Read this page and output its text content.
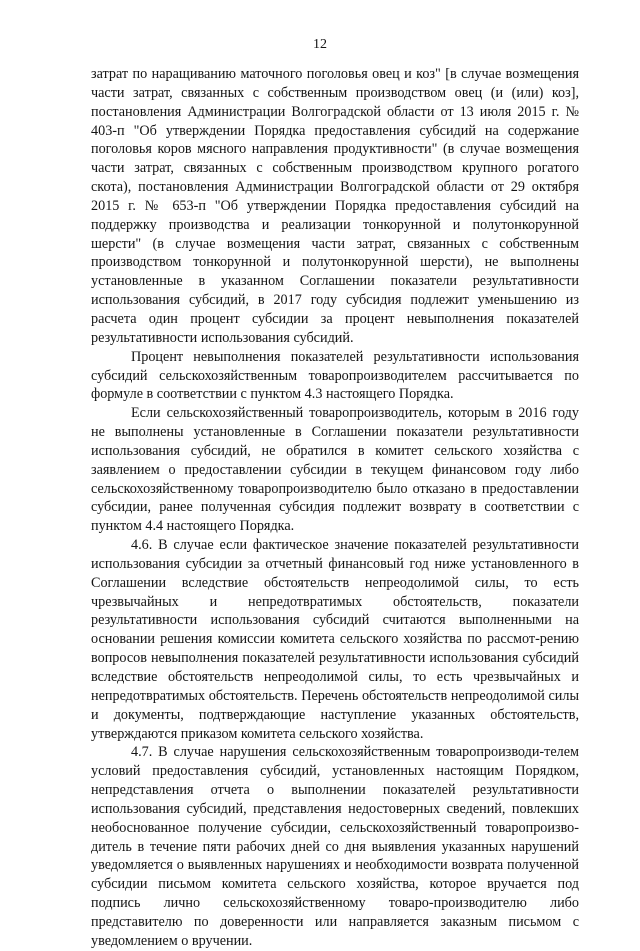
12

затрат по наращиванию маточного поголовья овец и коз" [в случае возмещения части затрат, связанных с собственным производством овец (и (или) коз], постановления Администрации Волгоградской области от 13 июля 2015 г. № 403-п "Об утверждении Порядка предоставления субсидий на содержание поголовья коров мясного направления продуктивности" (в случае возмещения части затрат, связанных с собственным производством крупного рогатого скота), постановления Администрации Волгоградской области от 29 октября 2015 г. № 653-п "Об утверждении Порядка предоставления субсидий на поддержку производства и реализации тонкорунной и полутонкорунной шерсти" (в случае возмещения части затрат, связанных с собственным производством тонкорунной и полутонкорунной шерсти), не выполнены установленные в указанном Соглашении показатели результативности использования субсидий, в 2017 году субсидия подлежит уменьшению из расчета один процент субсидии за процент невыполнения показателей результативности использования субсидий.

Процент невыполнения показателей результативности использования субсидий сельскохозяйственным товаропроизводителем рассчитывается по формуле в соответствии с пунктом 4.3 настоящего Порядка.

Если сельскохозяйственный товаропроизводитель, которым в 2016 году не выполнены установленные в Соглашении показатели результативности использования субсидий, не обратился в комитет сельского хозяйства с заявлением о предоставлении субсидии в текущем финансовом году либо сельскохозяйственному товаропроизводителю было отказано в предоставлении субсидии, ранее полученная субсидия подлежит возврату в соответствии с пунктом 4.4 настоящего Порядка.

4.6. В случае если фактическое значение показателей результативности использования субсидии за отчетный финансовый год ниже установленного в Соглашении вследствие обстоятельств непреодолимой силы, то есть чрезвычайных и непредотвратимых обстоятельств, показатели результативности использования субсидий считаются выполненными на основании решения комиссии комитета сельского хозяйства по рассмот-рению вопросов невыполнения показателей результативности использования субсидий вследствие обстоятельств непреодолимой силы, то есть чрезвычайных и непредотвратимых обстоятельств. Перечень обстоятельств непреодолимой силы и документы, подтверждающие наступление указанных обстоятельств, утверждаются приказом комитета сельского хозяйства.

4.7. В случае нарушения сельскохозяйственным товаропроизводи-телем условий предоставления субсидий, установленных настоящим Порядком, непредставления отчета о выполнении показателей результативности использования субсидий, представления недостоверных сведений, повлекших необоснованное получение субсидии, сельскохозяйственный товаропроизво-дитель в течение пяти рабочих дней со дня выявления указанных нарушений уведомляется о выявленных нарушениях и необходимости возврата полученной субсидии письмом комитета сельского хозяйства, которое вручается под подпись лично сельскохозяйственному товаро-производителю либо представителю по доверенности или направляется заказным письмом с уведомлением о вручении.
